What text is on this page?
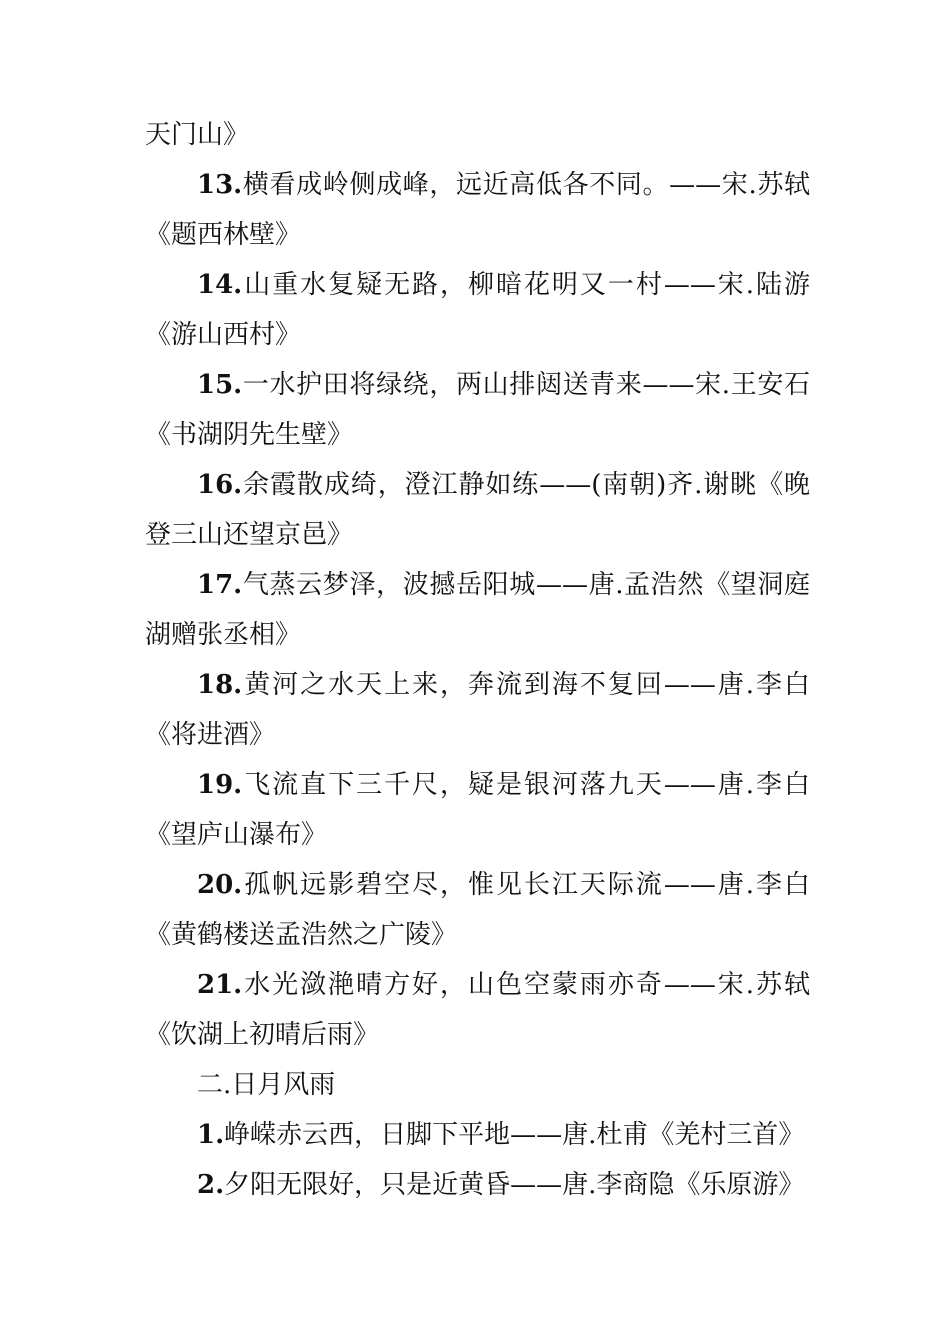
天门山》

13.横看成岭侧成峰，远近高低各不同。——宋.苏轼《题西林壁》

14.山重水复疑无路，柳暗花明又一村——宋.陆游《游山西村》

15.一水护田将绿绕，两山排闼送青来——宋.王安石《书湖阴先生壁》

16.余霞散成绮，澄江静如练——(南朝)齐.谢眺《晚登三山还望京邑》

17.气蒸云梦泽，波撼岳阳城——唐.孟浩然《望洞庭湖赠张丞相》

18.黄河之水天上来，奔流到海不复回——唐.李白《将进酒》

19.飞流直下三千尺，疑是银河落九天——唐.李白《望庐山瀑布》

20.孤帆远影碧空尽，惟见长江天际流——唐.李白《黄鹤楼送孟浩然之广陵》

21.水光潋滟晴方好，山色空蒙雨亦奇——宋.苏轼《饮湖上初晴后雨》

二.日月风雨

1.峥嵘赤云西，日脚下平地——唐.杜甫《羌村三首》

2.夕阳无限好，只是近黄昏——唐.李商隐《乐原游》
